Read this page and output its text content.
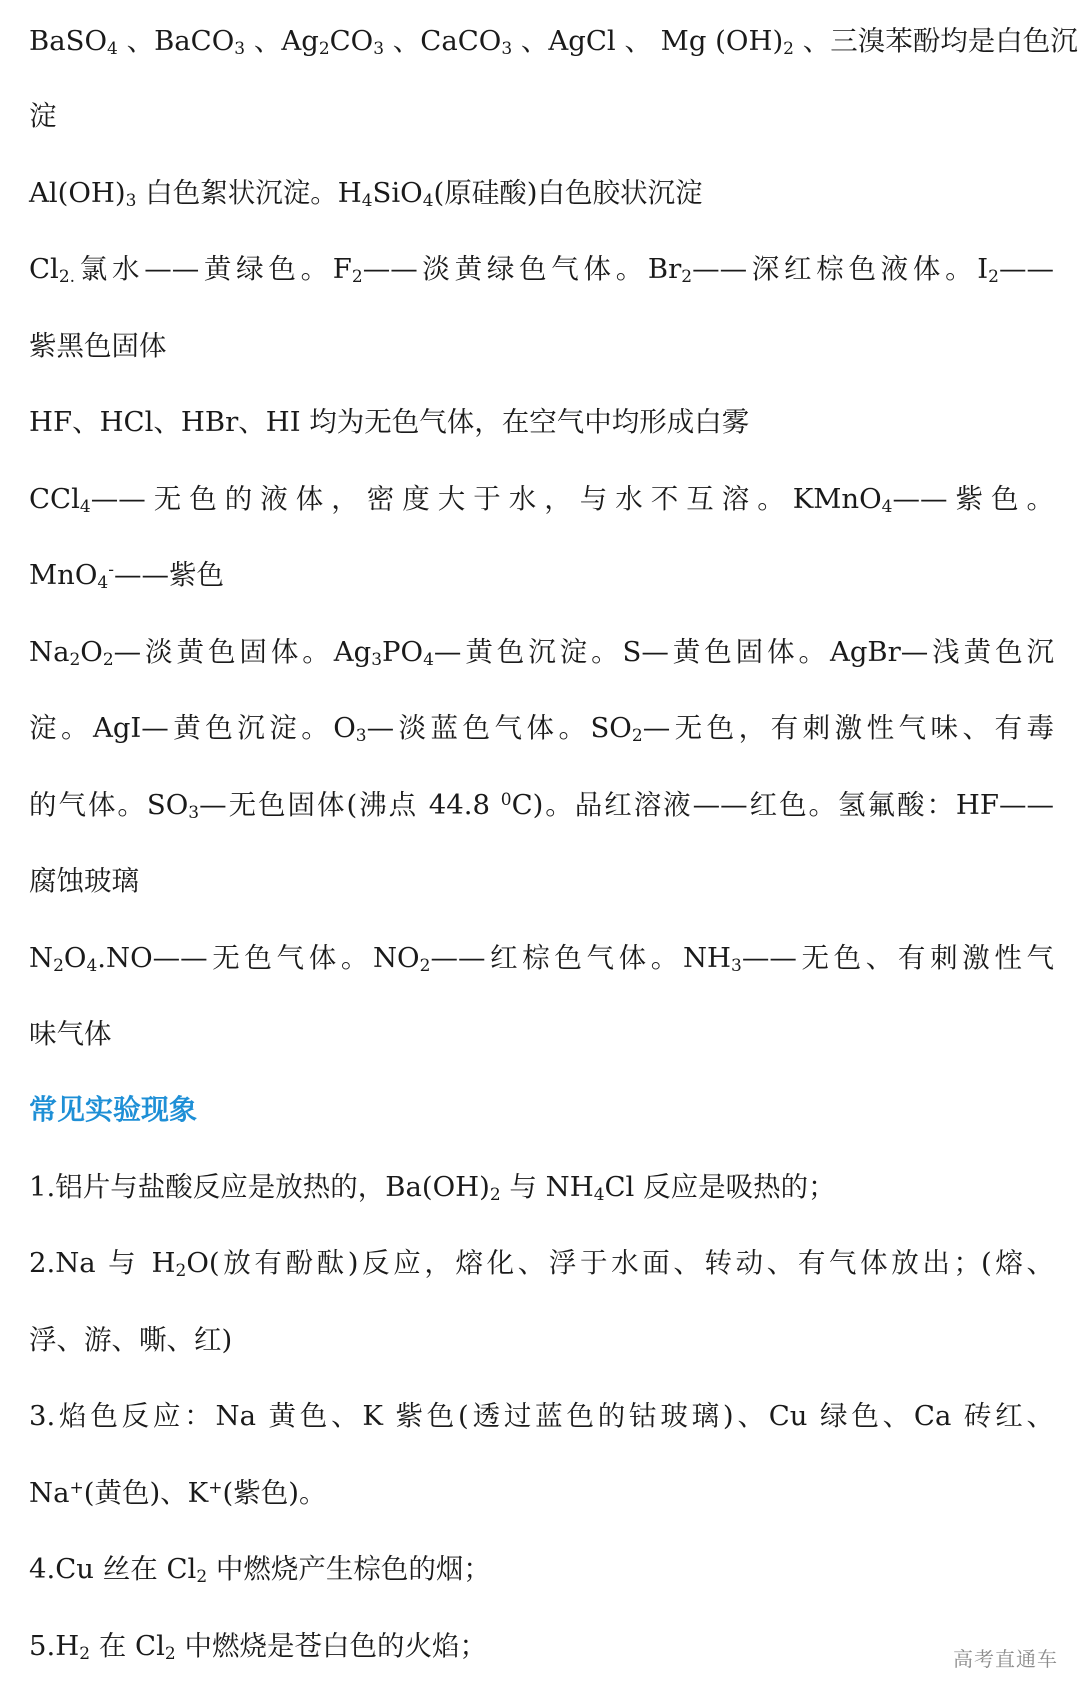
BaSO$_4$ 、BaCO$_3$ 、$Ag_2CO_3$ 、CaCO$_3$ 、AgCl 、 Mg $(OH)_2$ 、三溴苯酚均是白色沉

淀

$Al(OH)_3$ 白色絮状沉淀。$H_4SiO_4$(原硅酸)白色胶状沉淀

$Cl_{2.}$氯水——黄绿色。$F_2——$淡黄绿色气体。$Br_2——$深红棕色液体。$I_2——$

紫黑色固体

HF、HCl、HBr、HI 均为无色气体，在空气中均形成白雾

CCl$_4$——无色的液体，密度大于水，与水不互溶。KMnO$_4$——紫色。

MnO$_4$-——紫色

$Na_2O_2—$淡黄色固体。$Ag_3PO_4—$黄色沉淀。S—黄色固体。AgBr—浅黄色沉

淀。AgI—黄色沉淀。$O_3—$淡蓝色气体。$SO_2—$无色，有刺激性气味、有毒

的气体。$SO_3—$无色固体(沸点 44.8 $^0$C)。品红溶液——红色。氢氟酸：HF——

腐蚀玻璃

$N_2O_4.NO——$无色气体。$NO_2——$红棕色气体。$NH_3——$无色、有刺激性气

味气体

1.铝片与盐酸反应是放热的，$Ba(OH)_2$ 与 $NH_4Cl$ 反应是吸热的；

2.Na 与 $H_2O$(放有酚酞)反应，熔化、浮于水面、转动、有气体放出；(熔、

浮、游、嘶、红)

3.焰色反应：Na 黄色、K 紫色(透过蓝色的钴玻璃)、Cu 绿色、Ca 砖红、

Na+(黄色)、K+(紫色)。

4.Cu 丝在 $Cl_2$ 中燃烧产生棕色的烟；

$5.H_2$ 在 $Cl_2$ 中燃烧是苍白色的火焰；

常见实验现象

高考直通车
